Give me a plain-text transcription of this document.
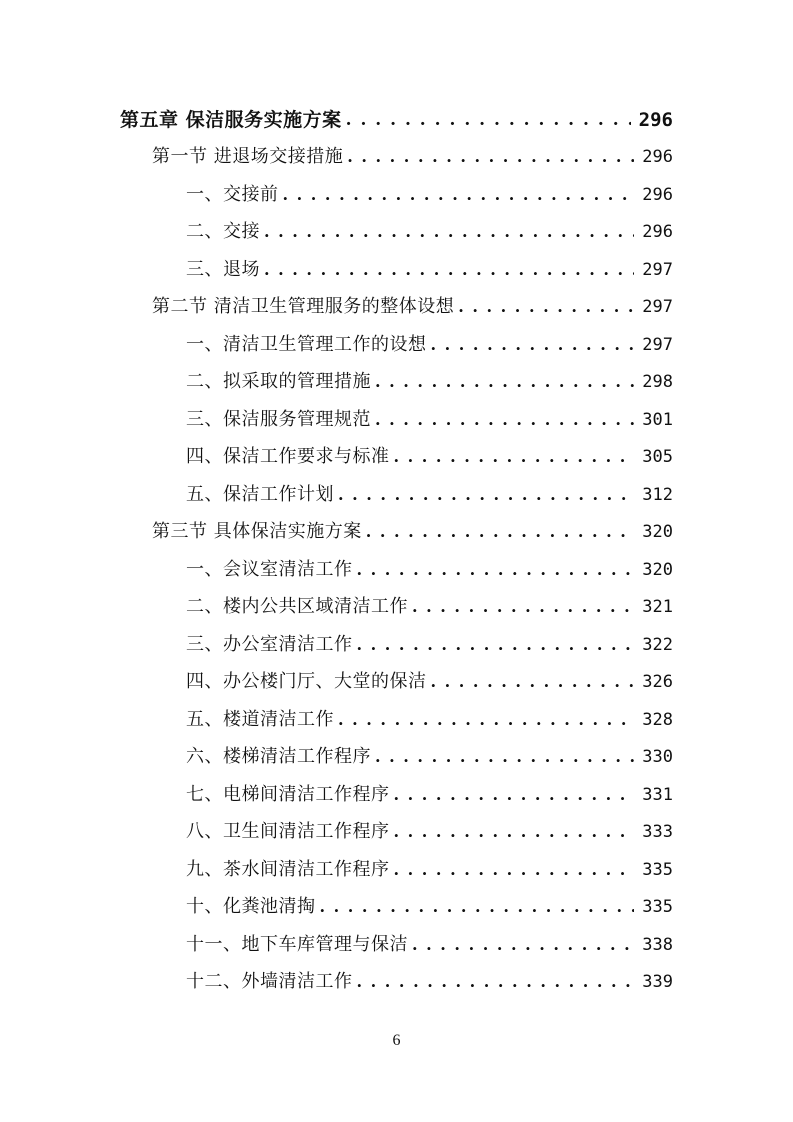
第五章 保洁服务实施方案 . . .	296
第一节 进退场交接措施 . . .	296
一、交接前 . . .	296
二、交接 . . .	296
三、退场 . . .	297
第二节 清洁卫生管理服务的整体设想 . . .	297
一、清洁卫生管理工作的设想 . . .	297
二、拟采取的管理措施 . . .	298
三、保洁服务管理规范 . . .	301
四、保洁工作要求与标准 . . .	305
五、保洁工作计划 . . .	312
第三节 具体保洁实施方案 . . .	320
一、会议室清洁工作 . . .	320
二、楼内公共区域清洁工作 . . .	321
三、办公室清洁工作 . . .	322
四、办公楼门厅、大堂的保洁 . . .	326
五、楼道清洁工作 . . .	328
六、楼梯清洁工作程序 . . .	330
七、电梯间清洁工作程序 . . .	331
八、卫生间清洁工作程序 . . .	333
九、茶水间清洁工作程序 . . .	335
十、化粪池清掏 . . .	335
十一、地下车库管理与保洁 . . .	338
十二、外墙清洁工作 . . .	339
6
